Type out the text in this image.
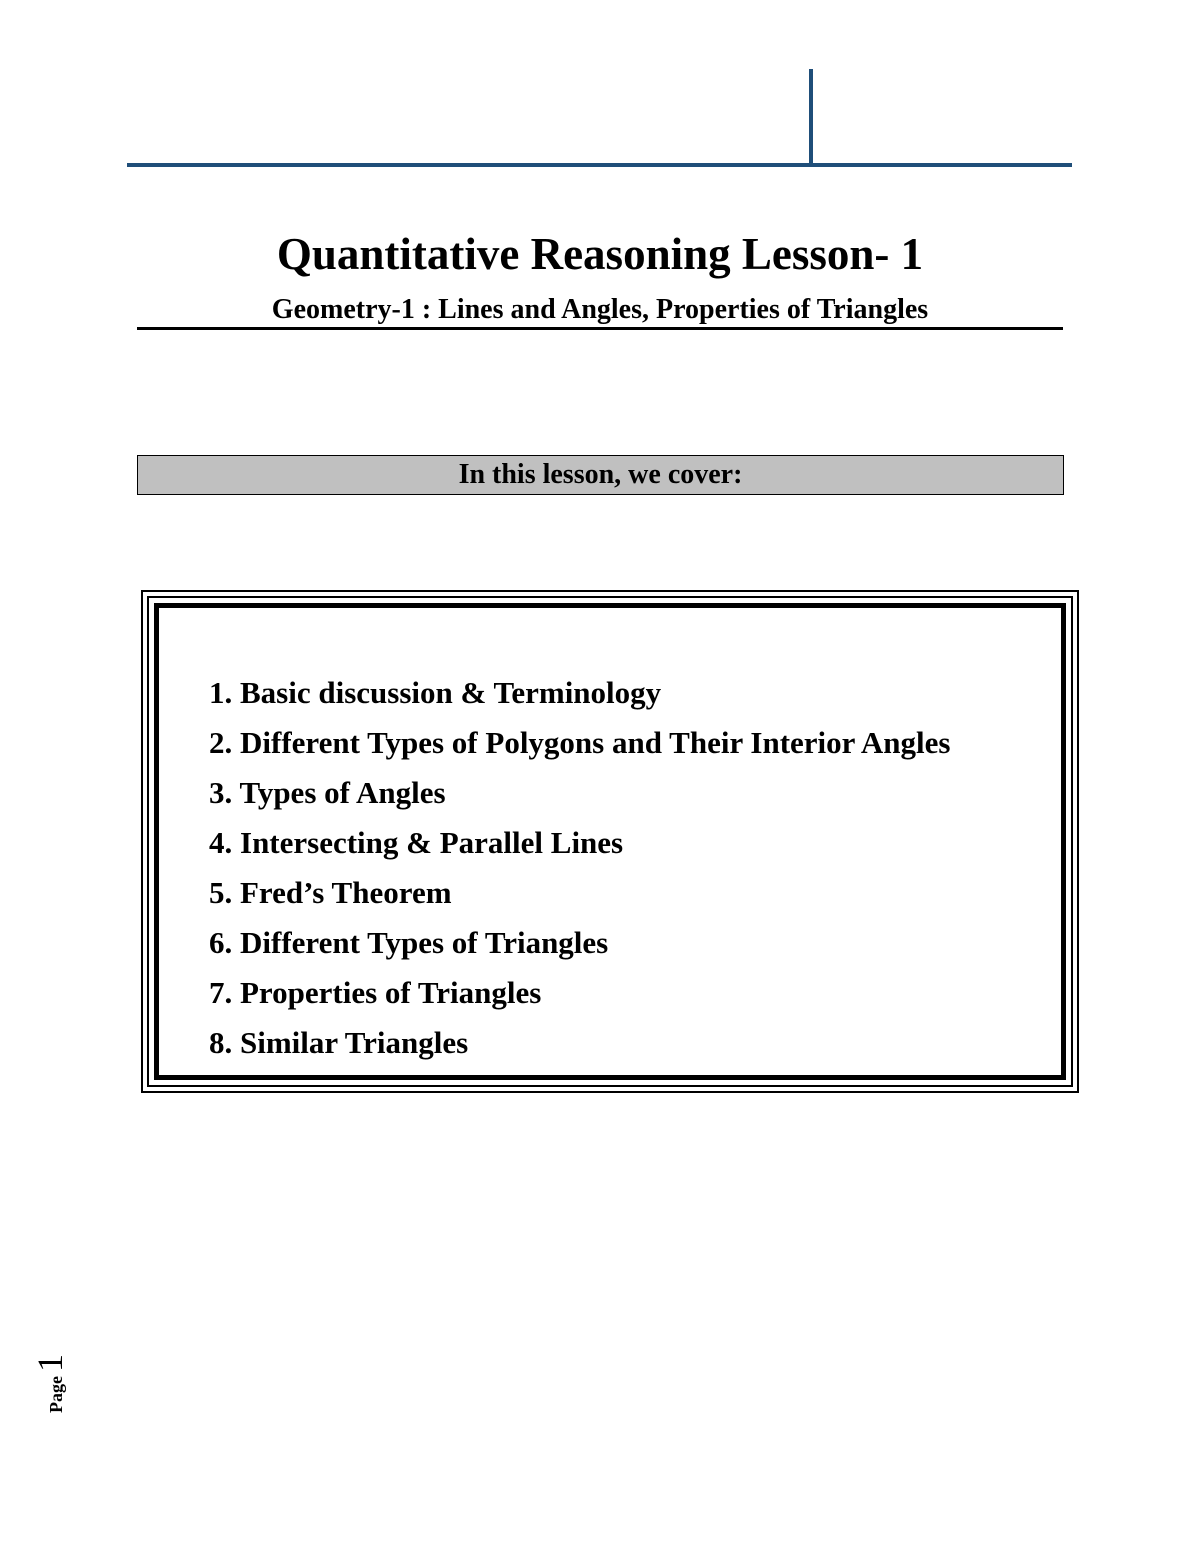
Quantitative Reasoning Lesson- 1
Geometry-1 : Lines and Angles, Properties of Triangles
In this lesson, we cover:
1. Basic discussion & Terminology
2. Different Types of Polygons and Their Interior Angles
3. Types of Angles
4. Intersecting & Parallel Lines
5. Fred’s Theorem
6. Different Types of Triangles
7. Properties of Triangles
8. Similar Triangles
Page 1
